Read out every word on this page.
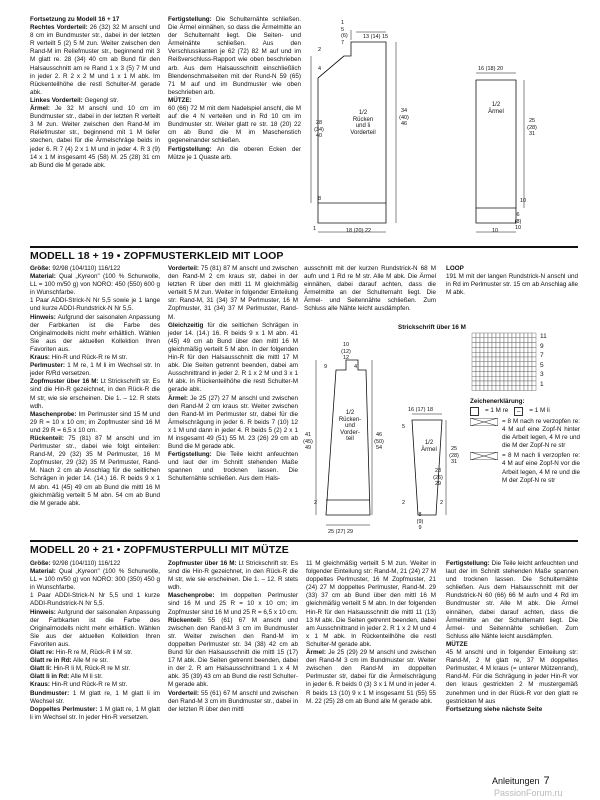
Fortsetzung zu Modell 16 + 17
Rechtes Vorderteil: 26 (32) 32 M anschl und 8 cm im Bundmuster str., dabei in der letzten R verteilt 5 (2) 5 M zun. Weiter zwischen den Rand-M im Reliefmuster str., beginnend mit 3 M glatt re. 28 (34) 40 cm ab Bund für den Halsausschnitt am re Rand 1 x 3 (5) 7 M und in jeder 2. R 2 x 2 M und 1 x 1 M abk. Im Rückenteilhöhe die restl Schulter-M gerade abk.
Linkes Vorderteil: Gegengl str.
Ärmel: Je 32 M anschl und 10 cm im Bundmuster str., dabei in der letzten R verteilt 3 M zun. Weiter zwischen den Rand-M im Reliefmuster str., beginnend mit 1 M tiefer stechen, dabei für die Ärmelschräge beids in jeder 6. R 7 (4) 2 x 1 M und in jeder 4. R 3 (9) 14 x 1 M insgesamt 45 (58) M. 25 (28) 31 cm ab Bund die M gerade abk.
Fertigstellung: Die Schulternähte schließen. Die Ärmel einnähen, so dass die Ärmelmitte an der Schulternaht liegt. Die Seiten- und Ärmelnähte schließen. Aus den Verschlusskanten je 62 (72) 82 M auf und im Reißverschluss-Rapport wie oben beschrieben arb. Aus dem Halsausschnitt einschließlich Blendenschmalseiten mit der Rund-N 59 (65) 71 M auf und im Bundmuster wie oben beschrieben arb.
MÜTZE:
60 (66) 72 M mit dem Nadelspiel anschl, die M auf die 4 N verteilen und in Rd 10 cm im Bundmuster str. Weiter glatt re str. 18 (20) 22 cm ab Bund die M im Maschenstich gegeneinander schließen.
Fertigstellung: An die oberen Ecken der Mütze je 1 Quaste arb.
1/2
Rücken
und li
Vorderteil
1/2
Ärmel
1
5
(6)
7
13 (14) 15
2
4
28
(34)
40
34
(40)
46
8
1	18 (20) 22
16 (18) 20
25
(28)
31
10
10
6
(8)
10
MODELL 18 + 19 • ZOPFMUSTERKLEID MIT LOOP
Größe: 92/98 (104/110) 116/122
Material: Qual „Kyreon" (100 % Schurwolle, LL = 100 m/50 g) von NORO: 450 (550) 600 g in Wunschfarbe.
1 Paar ADDI-Strick-N Nr 5,5 sowie je 1 lange und kurze ADDI-Rundstrick-N Nr 5,5.
Hinweis: Aufgrund der saisonalen Anpassung der Farbkarten ist die Farbe des Originalmodells nicht mehr erhältlich. Wählen Sie aus der aktuellen Kollektion Ihren Favoriten aus.
Kraus: Hin-R und Rück-R re M str.
Perlmuster: 1 M re, 1 M li im Wechsel str. In jeder R/Rd versetzen.
Zopfmuster über 16 M: Lt Strickschrift str. Es sind die Hin-R gezeichnet, in den Rück-R die M str, wie sie erscheinen. Die 1. – 12. R stets wdh.
Maschenprobe: Im Perlmuster sind 15 M und 29 R = 10 x 10 cm; im Zopfmuster sind 16 M und 29 R = 6,5 x 10 cm.
Rückenteil: 75 (81) 87 M anschl und im Perlmuster str., dabei wie folgt einteilen: Rand-M, 29 (32) 35 M Perlmuster, 16 M Zopfmuster, 29 (32) 35 M Perlmuster, Rand-M. Nach 2 cm ab Anschlag für die seitlichen Schrägen in jeder 14. (14.) 16. R beids 9 x 1 M abn. 41 (45) 49 cm ab Bund die mittl 16 M gleichmäßig verteilt 5 M abn. 54 cm ab Bund die M gerade abk.
Vorderteil: 75 (81) 87 M anschl und zwischen den Rand-M 2 cm kraus str, dabei in der letzten R über den mittl 11 M gleichmäßig verteilt 5 M zun. Weiter in folgender Einteilung str: Rand-M, 31 (34) 37 M Perlmuster, 16 M Zopfmuster, 31 (34) 37 M Perlmuster, Rand-M.
Gleichzeitig für die seitlichen Schrägen in jeder 14. (14.) 16. R beids 9 x 1 M abn. 41 (45) 49 cm ab Bund über den mittl 16 M gleichmäßig verteilt 5 M abn. In der folgenden Hin-R für den Halsausschnitt die mittl 17 M abk. Die Seiten getrennt beenden, dabei am Ausschnittrand in jeder 2. R 1 x 2 M und 3 x 1 M abk. In Rückenteilhöhe die restl Schulter-M gerade abk.
Ärmel: Je 25 (27) 27 M anschl und zwischen den Rand-M 2 cm kraus str. Weiter zwischen den Rand-M im Perlmuster str, dabei für die Ärmelschrägung in jeder 6. R beids 7 (10) 12 x 1 M und dann in jeder 4. R beids 5 (2) 2 x 1 M insgesamt 49 (51) 55 M. 23 (26) 29 cm ab Bund die M gerade abk.
Fertigstellung: Die Teile leicht anfeuchten und laut der im Schnitt stehenden Maße spannen und trocknen lassen. Die Schulternähte schließen. Aus dem Hals-
ausschnitt mit der kurzen Rundstrick-N 68 M aufn und 1 Rd re M str. Alle M abk. Die Ärmel einnähen, dabei darauf achten, dass die Ärmelmitte an der Schulternaht liegt. Die Ärmel- und Seitennähte schließen. Zum Schluss alle Nähte leicht ausdämpfen.
LOOP
191 M mit der langen Rundstrick-N anschl und in Rd im Perlmuster str. 15 cm ab Anschlag alle M abk.
1/2
Rücken-
und
Vorder-
teil
1/2
Ärmel
10
(12)
12
9	4
41
(45)
49
46
(50)
54
2
25 (27) 29
16 (17) 18
5
25
(28)
31
23
(26)
29
8
(9)
9
2	2
Strickschrift über 16 M
11
9
7
5
3
1
Zeichenerklärung:
= 1 M re	–	= 1 M li
= 8 M nach re verzopfen re: 4 M auf eine Zopf-N hinter die Arbeit legen, 4 M re und die M der Zopf-N re str
= 8 M nach li verzopfen re: 4 M auf eine Zopf-N vor die Arbeit legen, 4 M re und die M der Zopf-N re str
MODELL 20 + 21 • ZOPFMUSTERPULLI MIT MÜTZE
Größe: 92/98 (104/110) 116/122
Material: Qual „Kyreon" (100 % Schurwolle, LL = 100 m/50 g) von NORO: 300 (350) 450 g in Wunschfarbe.
1 Paar ADDI-Strick-N Nr 5,5 und 1 kurze ADDI-Rundstrick-N Nr 5,5.
Hinweis: Aufgrund der saisonalen Anpassung der Farbkarten ist die Farbe des Originalmodells nicht mehr erhältlich. Wählen Sie aus der aktuellen Kollektion Ihren Favoriten aus.
Glatt re: Hin-R re M, Rück-R li M str.
Glatt re in Rd: Alle M re str.
Glatt li: Hin-R li M, Rück-R re M str.
Glatt li in Rd: Alle M li str.
Kraus: Hin-R und Rück-R re M str.
Bundmuster: 1 M glatt re, 1 M glatt li im Wechsel str.
Doppeltes Perlmuster: 1 M glatt re, 1 M glatt li im Wechsel str. In jeder Hin-R versetzen.
Zopfmuster über 16 M: Lt Strickschrift str. Es sind die Hin-R gezeichnet, in den Rück-R die M str, wie sie erscheinen. Die 1. – 12. R stets wdh.
Maschenprobe: Im doppelten Perlmuster sind 16 M und 25 R = 10 x 10 cm; im Zopfmuster sind 16 M und 25 R = 6,5 x 10 cm.
Rückenteil: 55 (61) 67 M anschl und zwischen den Rand-M 3 cm im Bundmuster str. Weiter zwischen den Rand-M im doppelten Perlmuster str. 34 (38) 42 cm ab Bund für den Halsausschnitt die mittl 15 (17) 17 M abk. Die Seiten getrennt beenden, dabei in der 2. R am Halsausschnittrand 1 x 4 M abk. 35 (39) 43 cm ab Bund die restl Schulter-M gerade abk.
Vorderteil: 55 (61) 67 M anschl und zwischen den Rand-M 3 cm im Bundmuster str., dabei in der letzten R über den mittl
11 M gleichmäßig verteilt 5 M zun. Weiter in folgender Einteilung str: Rand-M, 21 (24) 27 M doppeltes Perlmuster, 16 M Zopfmuster, 21 (24) 27 M doppeltes Perlmuster, Rand-M. 29 (33) 37 cm ab Bund über den mittl 16 M gleichmäßig verteilt 5 M abn. In der folgenden Hin-R für den Halsausschnitt die mittl 11 (13) 13 M abk. Die Seiten getrennt beenden, dabei am Ausschnittrand in jeder 2. R 1 x 2 M und 4 x 1 M abk. In Rückenteilhöhe die restl Schulter-M gerade abk.
Ärmel: Je 25 (29) 29 M anschl und zwischen den Rand-M 3 cm im Bundmuster str. Weiter zwischen den Rand-M im doppelten Perlmuster str, dabei für die Ärmelschrägung in jeder 6. R beids 0 (3) 3 x 1 M und in jeder 4. R beids 13 (10) 9 x 1 M insgesamt 51 (55) 55 M. 22 (25) 28 cm ab Bund alle M gerade abk.
Fertigstellung: Die Teile leicht anfeuchten und laut der im Schnitt stehenden Maße spannen und trocknen lassen. Die Schulternähte schließen. Aus dem Halsausschnitt mit der Rundstrick-N 60 (66) 66 M aufn und 4 Rd im Bundmuster str. Alle M abk. Die Ärmel einnähen, dabei darauf achten, dass die Ärmelmitte an der Schulternaht liegt. Die Ärmel- und Seitennähte schließen. Zum Schluss alle Nähte leicht ausdämpfen.
MÜTZE
45 M anschl und in folgender Einteilung str: Rand-M, 2 M glatt re, 37 M doppeltes Perlmuster, 4 M kraus (= unterer Mützenrand), Rand-M. Für die Schrägung in jeder Hin-R vor den kraus gestrickten 2 M mustergemäß zunehmen und in der Rück-R vor den glatt re gestrickten M aus
Fortsetzung siehe nächste Seite
Anleitungen 7
PassionForum.ru
